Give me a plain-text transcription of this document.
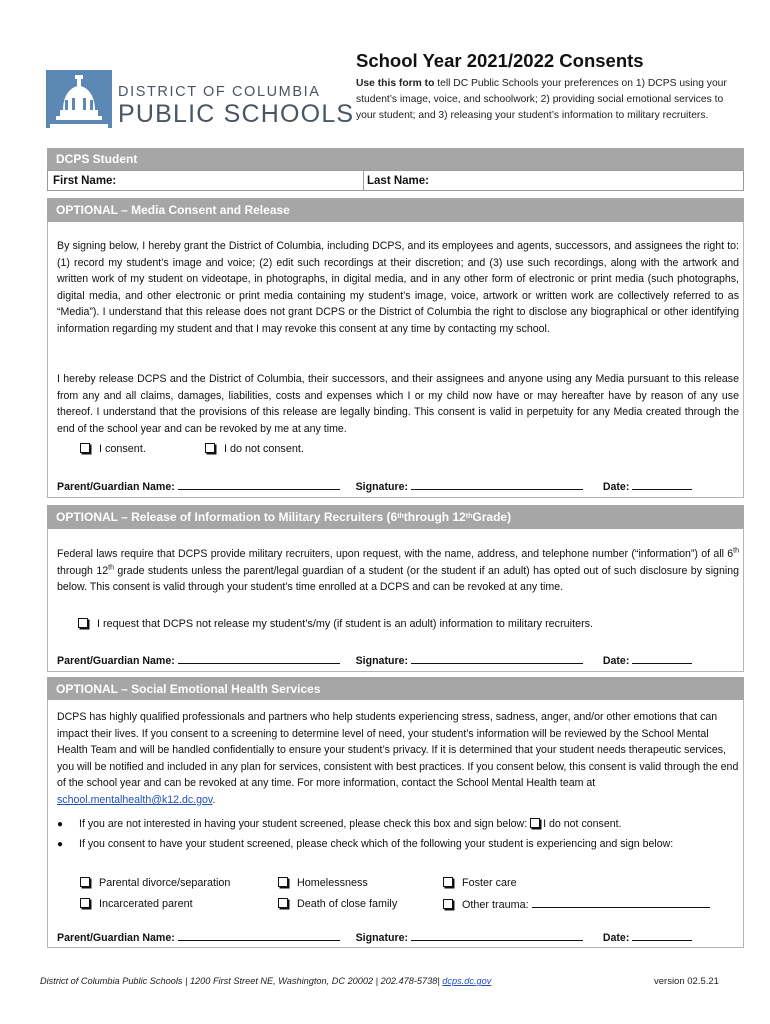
DISTRICT OF COLUMBIA
PUBLIC SCHOOLS
School Year 2021/2022 Consents
Use this form to tell DC Public Schools your preferences on 1) DCPS using your student’s image, voice, and schoolwork; 2) providing social emotional services to your student; and 3) releasing your student’s information to military recruiters.
DCPS Student
First Name:	Last Name:
OPTIONAL – Media Consent and Release
By signing below, I hereby grant the District of Columbia, including DCPS, and its employees and agents, successors, and assignees the right to: (1) record my student’s image and voice; (2) edit such recordings at their discretion; and (3) use such recordings, along with the artwork and written work of my student on videotape, in photographs, in digital media, and in any other form of electronic or print media (such photographs, digital media, and other electronic or print media containing my student’s image, voice, artwork or written work are collectively referred to as “Media”). I understand that this release does not grant DCPS or the District of Columbia the right to disclose any biographical or other identifying information regarding my student and that I may revoke this consent at any time by contacting my school.
I hereby release DCPS and the District of Columbia, their successors, and their assignees and anyone using any Media pursuant to this release from any and all claims, damages, liabilities, costs and expenses which I or my child now have or may hereafter have by reason of any use thereof. I understand that the provisions of this release are legally binding. This consent is valid in perpetuity for any Media created through the end of the school year and can be revoked by me at any time.
I consent.	I do not consent.
Parent/Guardian Name:	Signature:	Date:
OPTIONAL – Release of Information to Military Recruiters (6 th through 12 th Grade)
Federal laws require that DCPS provide military recruiters, upon request, with the name, address, and telephone number (“information”) of all 6th through 12th grade students unless the parent/legal guardian of a student (or the student if an adult) has opted out of such disclosure by signing below. This consent is valid through your student’s time enrolled at a DCPS and can be revoked at any time.
I request that DCPS not release my student’s/my (if student is an adult) information to military recruiters.
Parent/Guardian Name:	Signature:	Date:
OPTIONAL – Social Emotional Health Services
DCPS has highly qualified professionals and partners who help students experiencing stress, sadness, anger, and/or other emotions that can impact their lives. If you consent to a screening to determine level of need, your student’s information will be reviewed by the School Mental Health Team and will be handled confidentially to ensure your student’s privacy. If it is determined that your student needs therapeutic services, you will be notified and included in any plan for services, consistent with best practices. If you consent below, this consent is valid through the end of the school year and can be revoked at any time. For more information, contact the School Mental Health team at school.mentalhealth@k12.dc.gov.
● If you are not interested in having your student screened, please check this box and sign below: I do not consent.
● If you consent to have your student screened, please check which of the following your student is experiencing and sign below:
Parental divorce/separation	Homelessness	Foster care
Incarcerated parent	Death of close family	Other trauma:
Parent/Guardian Name:	Signature:	Date:
District of Columbia Public Schools | 1200 First Street NE, Washington, DC 20002 | 202.478-5738| dcps.dc.gov	version 02.5.21
